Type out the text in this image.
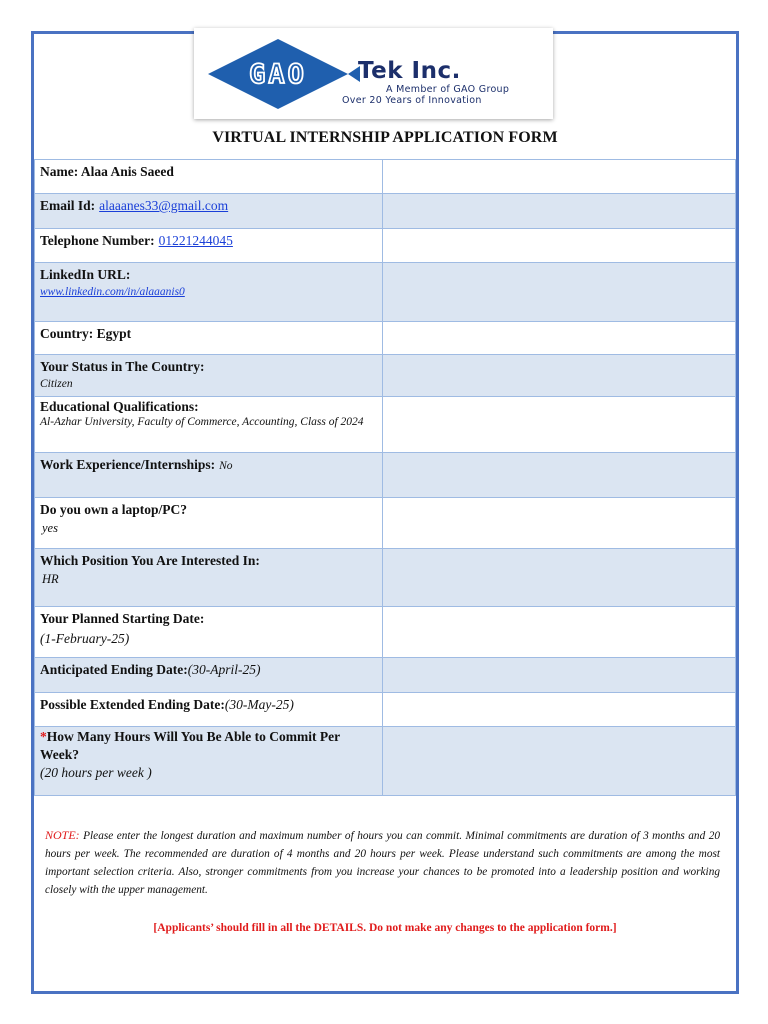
GAO Tek Inc.
A Member of GAO Group
Over 20 Years of Innovation
VIRTUAL INTERNSHIP APPLICATION FORM
Name: Alaa Anis Saeed	
Email Id: alaaanes33@gmail.com	
Telephone Number: 01221244045	
LinkedIn URL:
www.linkedin.com/in/alaaanis0	

Country: Egypt	
Your Status in The Country:
Citizen	

Educational Qualifications:
Al-Azhar University, Faculty of Commerce, Accounting, Class of 2024	

Work Experience/Internships: No	
Do you own a laptop/PC?
yes	

Which Position You Are Interested In:
HR	

Your Planned Starting Date:
(1-February-25)	

Anticipated Ending Date:(30-April-25)	
Possible Extended Ending Date:(30-May-25)	
*How Many Hours Will You Be Able to Commit Per Week?
(20 hours per week )	

NOTE: Please enter the longest duration and maximum number of hours you can commit. Minimal commitments are duration of 3 months and 20 hours per week. The recommended are duration of 4 months and 20 hours per week. Please understand such commitments are among the most important selection criteria. Also, stronger commitments from you increase your chances to be promoted into a leadership position and working closely with the upper management.
[Applicants’ should fill in all the DETAILS. Do not make any changes to the application form.]
